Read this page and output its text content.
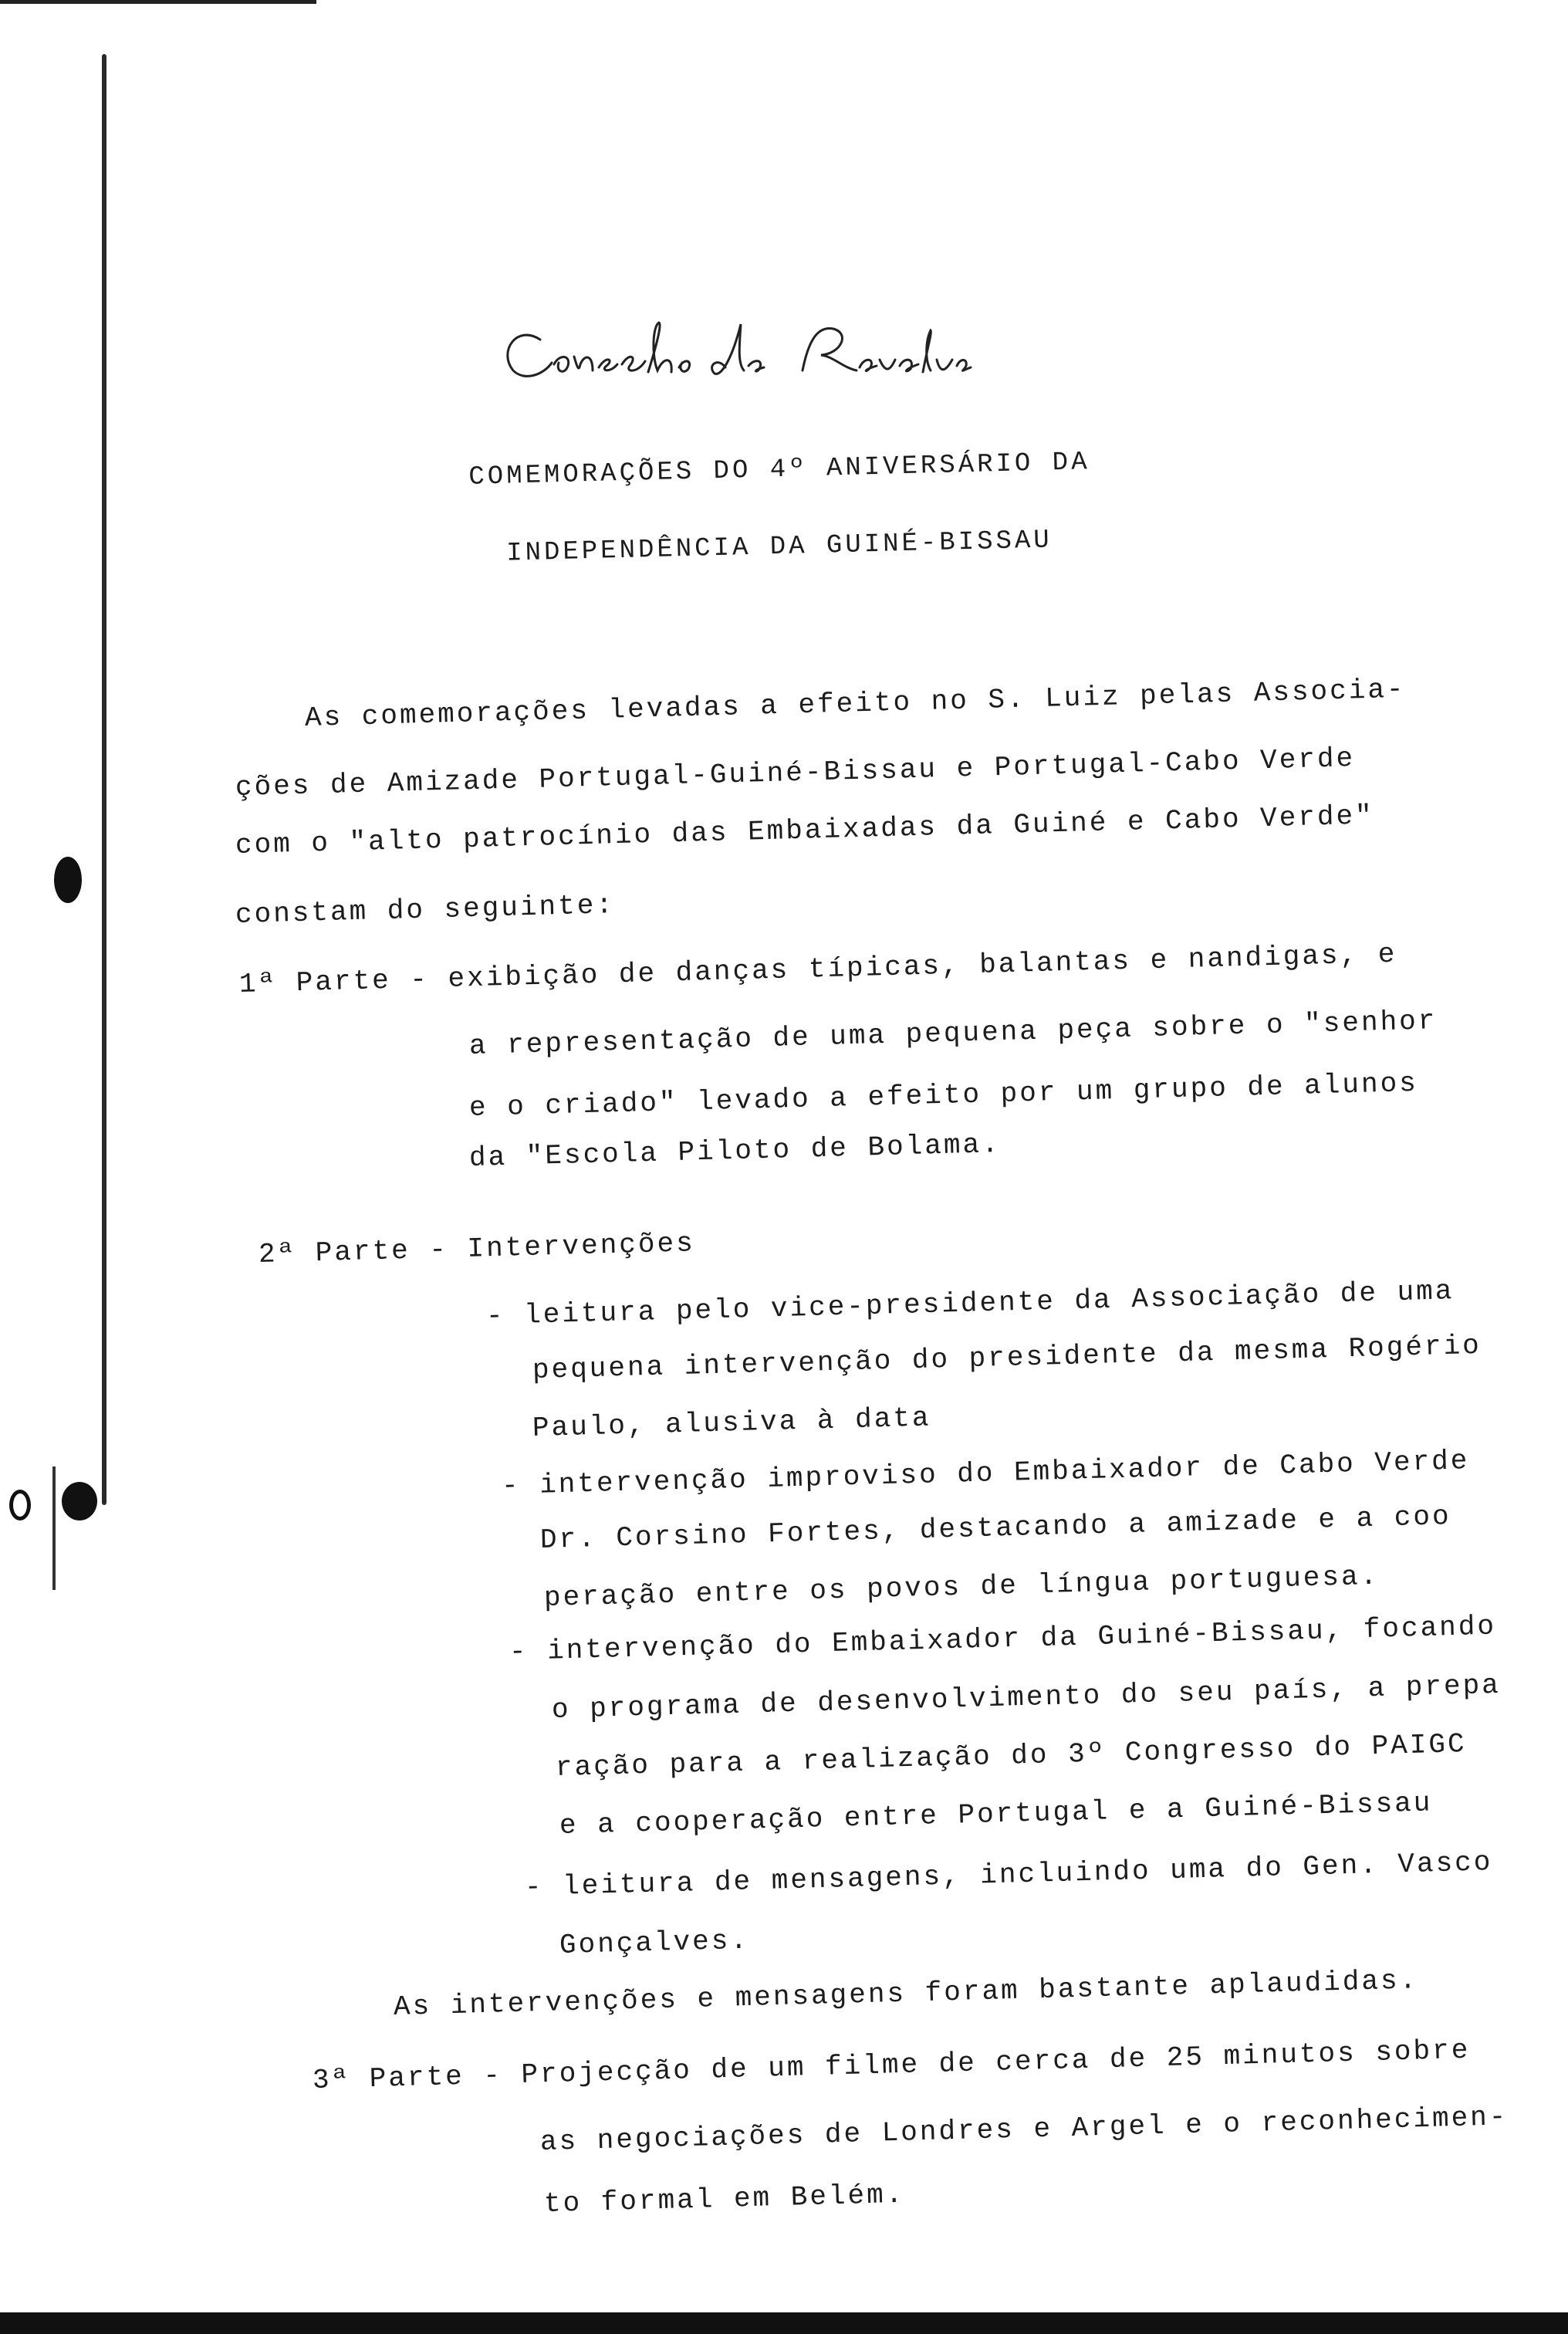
COMEMORAÇÕES DO 4º ANIVERSÁRIO DA
INDEPENDÊNCIA DA GUINÉ-BISSAU
As comemorações levadas a efeito no S. Luiz pelas Associa-
ções de Amizade Portugal-Guiné-Bissau e Portugal-Cabo Verde
com o "alto patrocínio das Embaixadas da Guiné e Cabo Verde"
constam do seguinte:
1ª Parte - exibição de danças típicas, balantas e nandigas, e
a representação de uma pequena peça sobre o "senhor
e o criado" levado a efeito por um grupo de alunos
da "Escola Piloto de Bolama.
2ª Parte - Intervenções
- leitura pelo vice-presidente da Associação de uma
pequena intervenção do presidente da mesma Rogério
Paulo, alusiva à data
- intervenção improviso do Embaixador de Cabo Verde
Dr. Corsino Fortes, destacando a amizade e a coo
peração entre os povos de língua portuguesa.
- intervenção do Embaixador da Guiné-Bissau, focando
o programa de desenvolvimento do seu país, a prepa
ração para a realização do 3º Congresso do PAIGC
e a cooperação entre Portugal e a Guiné-Bissau
- leitura de mensagens, incluindo uma do Gen. Vasco
Gonçalves.
As intervenções e mensagens foram bastante aplaudidas.
3ª Parte - Projecção de um filme de cerca de 25 minutos sobre
as negociações de Londres e Argel e o reconhecimen-
to formal em Belém.
